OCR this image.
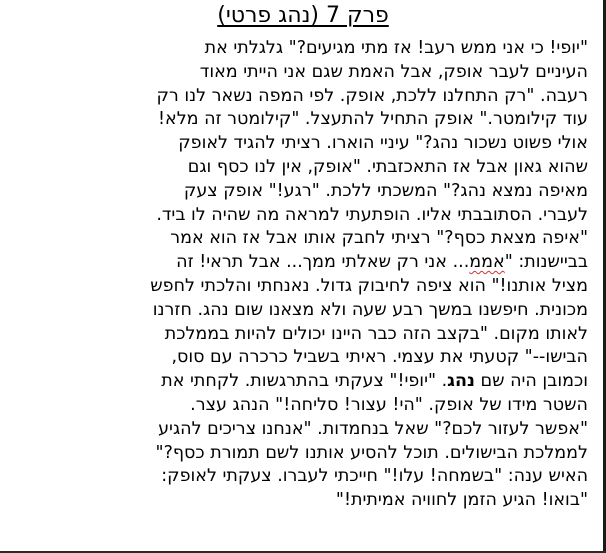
פרק 7 (נהג פרטי)
"יופי! כי אני ממש רעב! אז מתי מגיעים?" גלגלתי את
העיניים לעבר אופק, אבל האמת שגם אני הייתי מאוד
רעבה. "רק התחלנו ללכת, אופק. לפי המפה נשאר לנו רק
עוד קילומטר." אופק התחיל להתעצל. "קילומטר זה מלא!
אולי פשוט נשכור נהג?" עיניי הוארו. רציתי להגיד לאופק
שהוא גאון אבל אז התאכזבתי. "אופק, אין לנו כסף וגם
מאיפה נמצא נהג?" המשכתי ללכת. "רגע!" אופק צעק
לעברי. הסתובבתי אליו. הופתעתי למראה מה שהיה לו ביד.
"איפה מצאת כסף?" רציתי לחבק אותו אבל אז הוא אמר
בביישנות: "אממ... אני רק שאלתי ממך... אבל תראי! זה
מציל אותנו!" הוא ציפה לחיבוק גדול. נאנחתי והלכתי לחפש
מכונית. חיפשנו במשך רבע שעה ולא מצאנו שום נהג. חזרנו
לאותו מקום. "בקצב הזה כבר היינו יכולים להיות בממלכת
הבישו--" קטעתי את עצמי. ראיתי בשביל כרכרה עם סוס,
וכמובן היה שם נהג. "יופי!" צעקתי בהתרגשות. לקחתי את
השטר מידו של אופק. "הי! עצור! סליחה!" הנהג עצר.
"אפשר לעזור לכם?" שאל בנחמדות. "אנחנו צריכים להגיע
לממלכת הבישולים. תוכל להסיע אותנו לשם תמורת כסף?"
האיש ענה: "בשמחה! עלו!" חייכתי לעברו. צעקתי לאופק:
"בואו! הגיע הזמן לחוויה אמיתית!"
